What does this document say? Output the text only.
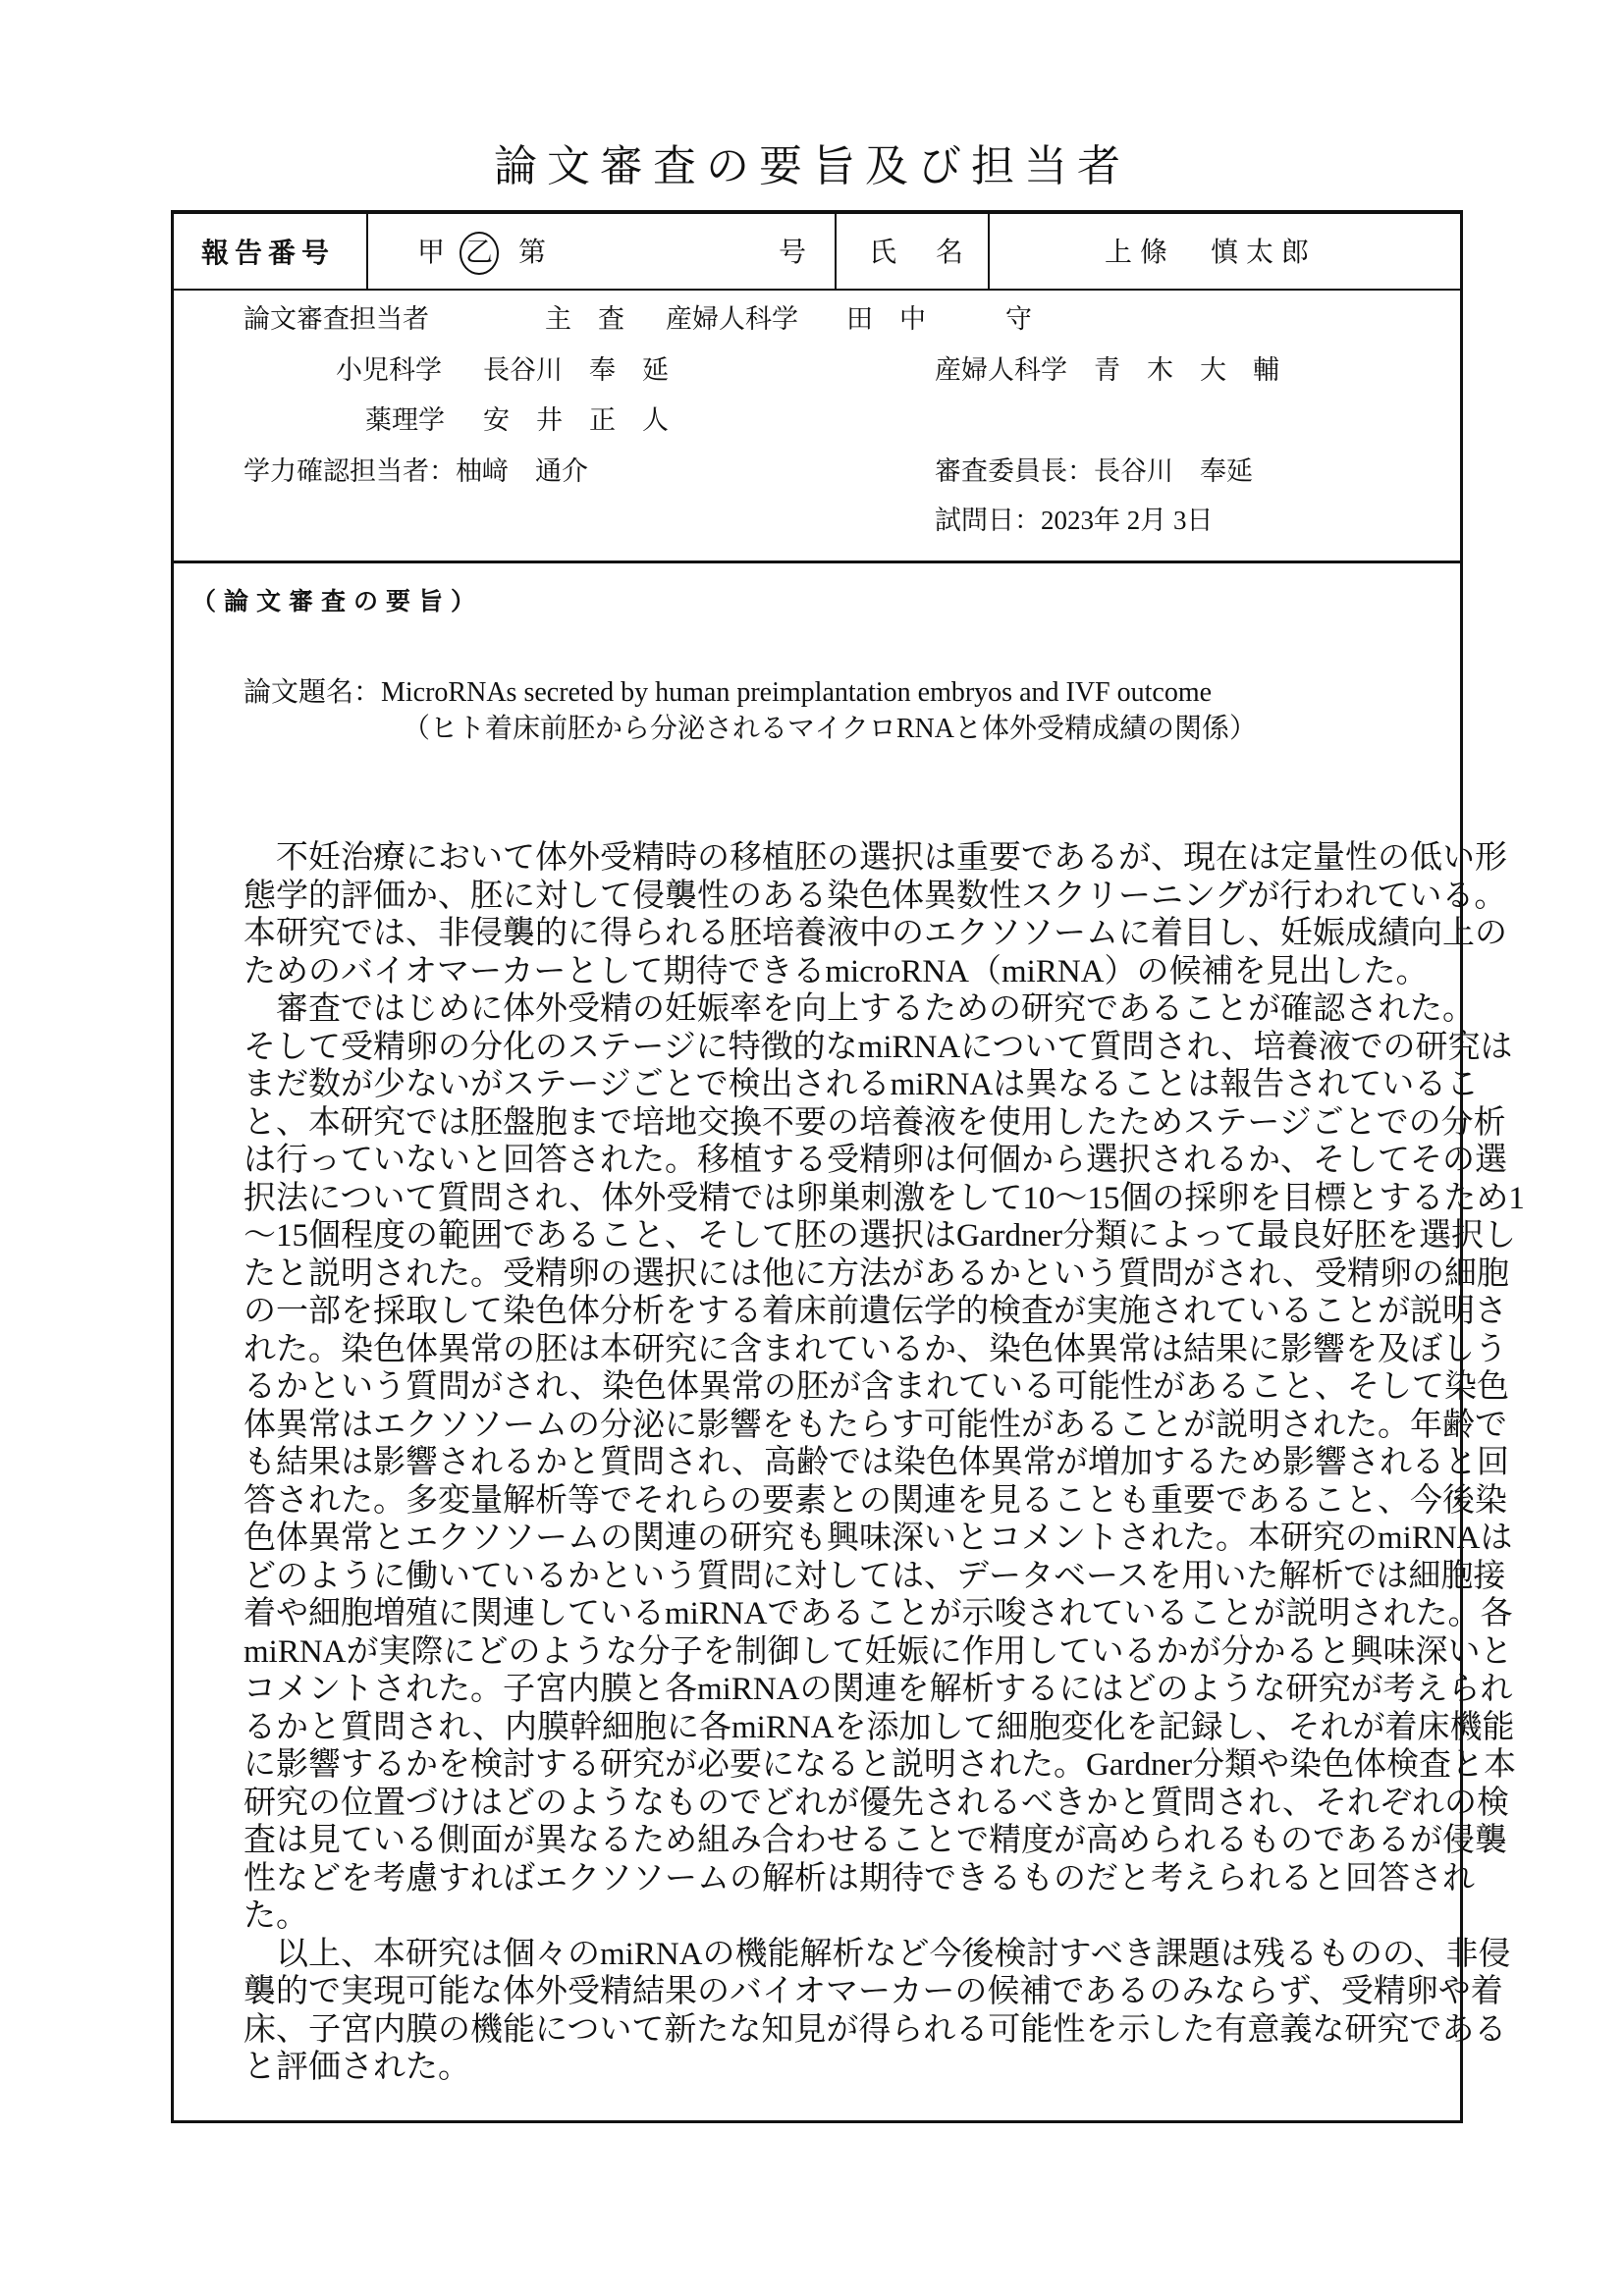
論文審査の要旨及び担当者
報告番号	甲 乙 第	号 氏　名	上條　慎太郎
論文審査担当者	主　査 産婦人科学 田　中　　　守
小児科学 長谷川　奉　延	産婦人科学　青　木　大　輔
薬理学 安　井　正　人
学力確認担当者：柚﨑　通介	審査委員長：長谷川　奉延
試問日：2023年 2月 3日
（論文審査の要旨）
論文題名：MicroRNAs secreted by human preimplantation embryos and IVF outcome
（ヒト着床前胚から分泌されるマイクロRNAと体外受精成績の関係）
　不妊治療において体外受精時の移植胚の選択は重要であるが、現在は定量性の低い形
態学的評価か、胚に対して侵襲性のある染色体異数性スクリーニングが行われている。
本研究では、非侵襲的に得られる胚培養液中のエクソソームに着目し、妊娠成績向上の
ためのバイオマーカーとして期待できるmicroRNA（miRNA）の候補を見出した。
　審査ではじめに体外受精の妊娠率を向上するための研究であることが確認された。
そして受精卵の分化のステージに特徴的なmiRNAについて質問され、培養液での研究は
まだ数が少ないがステージごとで検出されるmiRNAは異なることは報告されているこ
と、本研究では胚盤胞まで培地交換不要の培養液を使用したためステージごとでの分析
は行っていないと回答された。移植する受精卵は何個から選択されるか、そしてその選
択法について質問され、体外受精では卵巣刺激をして10〜15個の採卵を目標とするため1
〜15個程度の範囲であること、そして胚の選択はGardner分類によって最良好胚を選択し
たと説明された。受精卵の選択には他に方法があるかという質問がされ、受精卵の細胞
の一部を採取して染色体分析をする着床前遺伝学的検査が実施されていることが説明さ
れた。染色体異常の胚は本研究に含まれているか、染色体異常は結果に影響を及ぼしう
るかという質問がされ、染色体異常の胚が含まれている可能性があること、そして染色
体異常はエクソソームの分泌に影響をもたらす可能性があることが説明された。年齢で
も結果は影響されるかと質問され、高齢では染色体異常が増加するため影響されると回
答された。多変量解析等でそれらの要素との関連を見ることも重要であること、今後染
色体異常とエクソソームの関連の研究も興味深いとコメントされた。本研究のmiRNAは
どのように働いているかという質問に対しては、データベースを用いた解析では細胞接
着や細胞増殖に関連しているmiRNAであることが示唆されていることが説明された。各
miRNAが実際にどのような分子を制御して妊娠に作用しているかが分かると興味深いと
コメントされた。子宮内膜と各miRNAの関連を解析するにはどのような研究が考えられ
るかと質問され、内膜幹細胞に各miRNAを添加して細胞変化を記録し、それが着床機能
に影響するかを検討する研究が必要になると説明された。Gardner分類や染色体検査と本
研究の位置づけはどのようなものでどれが優先されるべきかと質問され、それぞれの検
査は見ている側面が異なるため組み合わせることで精度が高められるものであるが侵襲
性などを考慮すればエクソソームの解析は期待できるものだと考えられると回答され
た。
　以上、本研究は個々のmiRNAの機能解析など今後検討すべき課題は残るものの、非侵
襲的で実現可能な体外受精結果のバイオマーカーの候補であるのみならず、受精卵や着
床、子宮内膜の機能について新たな知見が得られる可能性を示した有意義な研究である
と評価された。
